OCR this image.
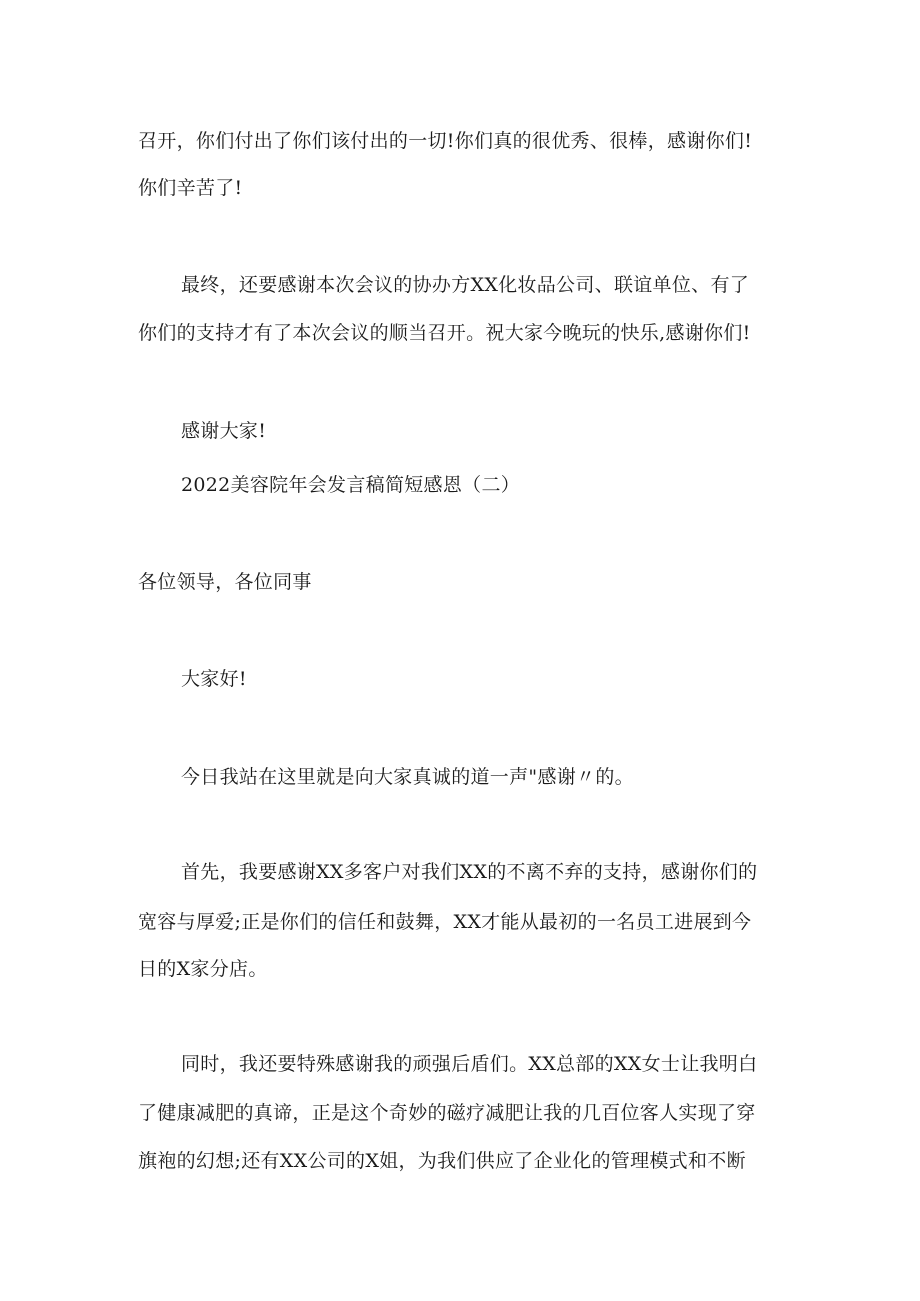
召开，你们付出了你们该付出的一切!你们真的很优秀、很棒，感谢你们!
你们辛苦了!
最终，还要感谢本次会议的协办方XX化妆品公司、联谊单位、有了
你们的支持才有了本次会议的顺当召开。祝大家今晚玩的快乐,感谢你们!
感谢大家!
2022美容院年会发言稿简短感恩（二）
各位领导，各位同事
大家好!
今日我站在这里就是向大家真诚的道一声"感谢〃的。
首先，我要感谢XX多客户对我们XX的不离不弃的支持，感谢你们的
宽容与厚爱;正是你们的信任和鼓舞，XX才能从最初的一名员工进展到今
日的X家分店。
同时，我还要特殊感谢我的顽强后盾们。XX总部的XX女士让我明白
了健康减肥的真谛，正是这个奇妙的磁疗减肥让我的几百位客人实现了穿
旗袍的幻想;还有XX公司的X姐，为我们供应了企业化的管理模式和不断
